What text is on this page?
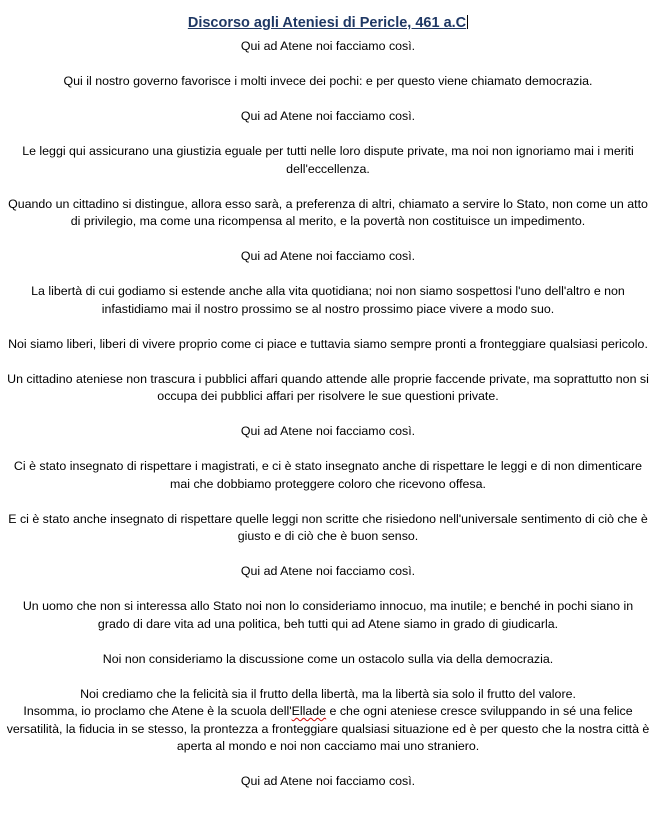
Discorso agli Ateniesi di Pericle, 461 a.C

Qui ad Atene noi facciamo così.

Qui il nostro governo favorisce i molti invece dei pochi: e per questo viene chiamato democrazia.

Qui ad Atene noi facciamo così.

Le leggi qui assicurano una giustizia eguale per tutti nelle loro dispute private, ma noi non ignoriamo mai i meriti dell'eccellenza.

Quando un cittadino si distingue, allora esso sarà, a preferenza di altri, chiamato a servire lo Stato, non come un atto di privilegio, ma come una ricompensa al merito, e la povertà non costituisce un impedimento.

Qui ad Atene noi facciamo così.

La libertà di cui godiamo si estende anche alla vita quotidiana; noi non siamo sospettosi l'uno dell'altro e non infastidiamo mai il nostro prossimo se al nostro prossimo piace vivere a modo suo.

Noi siamo liberi, liberi di vivere proprio come ci piace e tuttavia siamo sempre pronti a fronteggiare qualsiasi pericolo.

Un cittadino ateniese non trascura i pubblici affari quando attende alle proprie faccende private, ma soprattutto non si occupa dei pubblici affari per risolvere le sue questioni private.

Qui ad Atene noi facciamo così.

Ci è stato insegnato di rispettare i magistrati, e ci è stato insegnato anche di rispettare le leggi e di non dimenticare mai che dobbiamo proteggere coloro che ricevono offesa.

E ci è stato anche insegnato di rispettare quelle leggi non scritte che risiedono nell'universale sentimento di ciò che è giusto e di ciò che è buon senso.

Qui ad Atene noi facciamo così.

Un uomo che non si interessa allo Stato noi non lo consideriamo innocuo, ma inutile; e benché in pochi siano in grado di dare vita ad una politica, beh tutti qui ad Atene siamo in grado di giudicarla.

Noi non consideriamo la discussione come un ostacolo sulla via della democrazia.

Noi crediamo che la felicità sia il frutto della libertà, ma la libertà sia solo il frutto del valore.

Insomma, io proclamo che Atene è la scuola dell'Ellade e che ogni ateniese cresce sviluppando in sé una felice versatilità, la fiducia in se stesso, la prontezza a fronteggiare qualsiasi situazione ed è per questo che la nostra città è aperta al mondo e noi non cacciamo mai uno straniero.

Qui ad Atene noi facciamo così.
